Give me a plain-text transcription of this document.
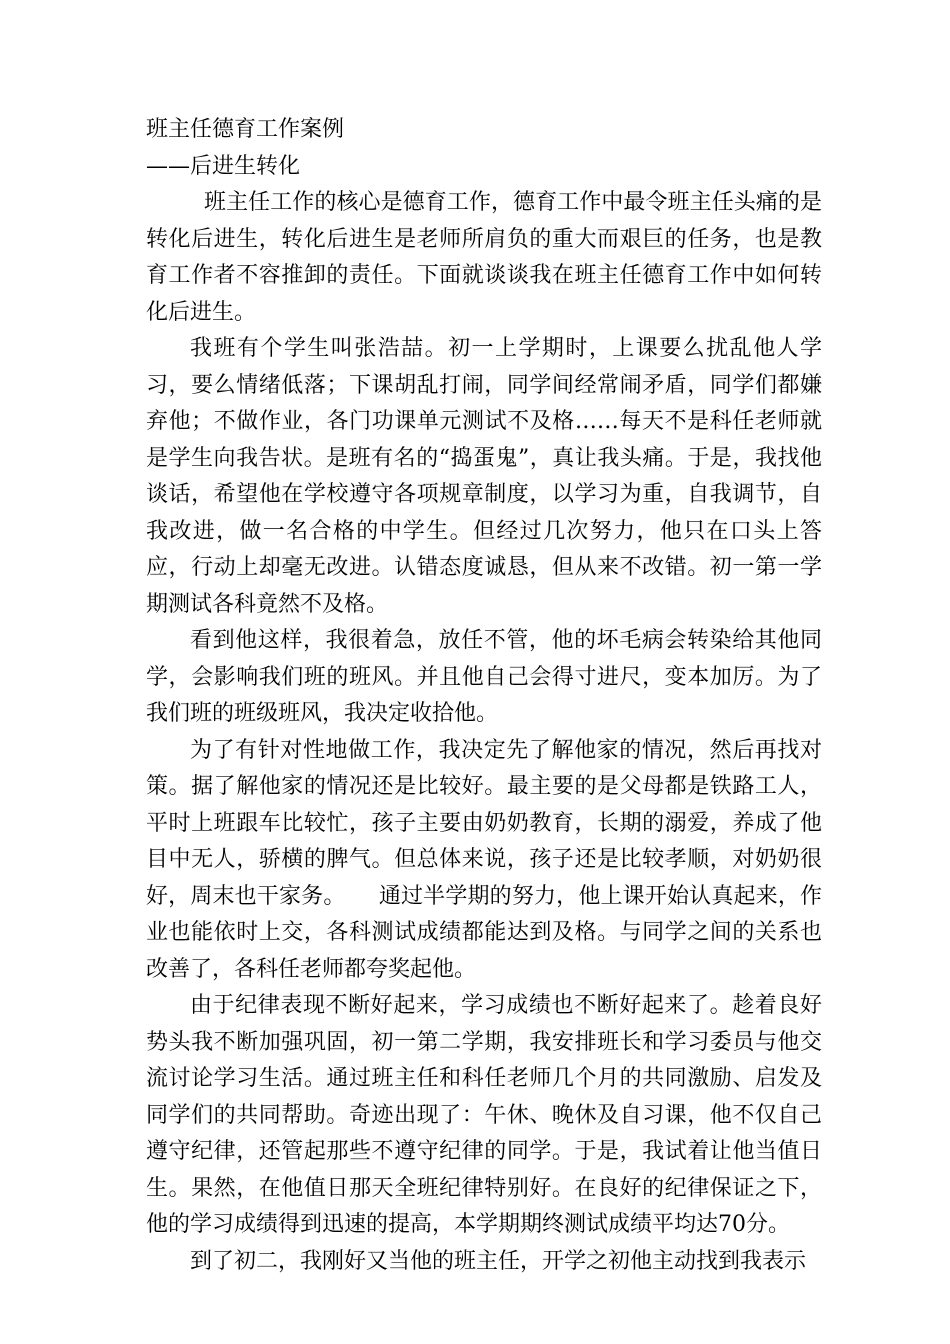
班主任德育工作案例

——后进生转化

班主任工作的核心是德育工作，德育工作中最令班主任头痛的是转化后进生，转化后进生是老师所肩负的重大而艰巨的任务，也是教育工作者不容推卸的责任。下面就谈谈我在班主任德育工作中如何转化后进生。

我班有个学生叫张浩喆。初一上学期时，上课要么扰乱他人学习，要么情绪低落；下课胡乱打闹，同学间经常闹矛盾，同学们都嫌弃他；不做作业，各门功课单元测试不及格……每天不是科任老师就是学生向我告状。是班有名的“捣蛋鬼”，真让我头痛。于是，我找他谈话，希望他在学校遵守各项规章制度，以学习为重，自我调节，自我改进，做一名合格的中学生。但经过几次努力，他只在口头上答应，行动上却毫无改进。认错态度诚恳，但从来不改错。初一第一学期测试各科竟然不及格。

看到他这样，我很着急，放任不管，他的坏毛病会转染给其他同学，会影响我们班的班风。并且他自己会得寸进尺，变本加厉。为了我们班的班级班风，我决定收拾他。

为了有针对性地做工作，我决定先了解他家的情况，然后再找对策。据了解他家的情况还是比较好。最主要的是父母都是铁路工人，平时上班跟车比较忙，孩子主要由奶奶教育，长期的溺爱，养成了他目中无人，骄横的脾气。但总体来说，孩子还是比较孝顺，对奶奶很好，周末也干家务。　　通过半学期的努力，他上课开始认真起来，作业也能依时上交，各科测试成绩都能达到及格。与同学之间的关系也改善了，各科任老师都夸奖起他。

由于纪律表现不断好起来，学习成绩也不断好起来了。趁着良好势头我不断加强巩固，初一第二学期，我安排班长和学习委员与他交流讨论学习生活。通过班主任和科任老师几个月的共同激励、启发及同学们的共同帮助。奇迹出现了：午休、晚休及自习课，他不仅自己遵守纪律，还管起那些不遵守纪律的同学。于是，我试着让他当值日生。果然，在他值日那天全班纪律特别好。在良好的纪律保证之下，他的学习成绩得到迅速的提高，本学期期终测试成绩平均达70分。

到了初二，我刚好又当他的班主任，开学之初他主动找到我表示
